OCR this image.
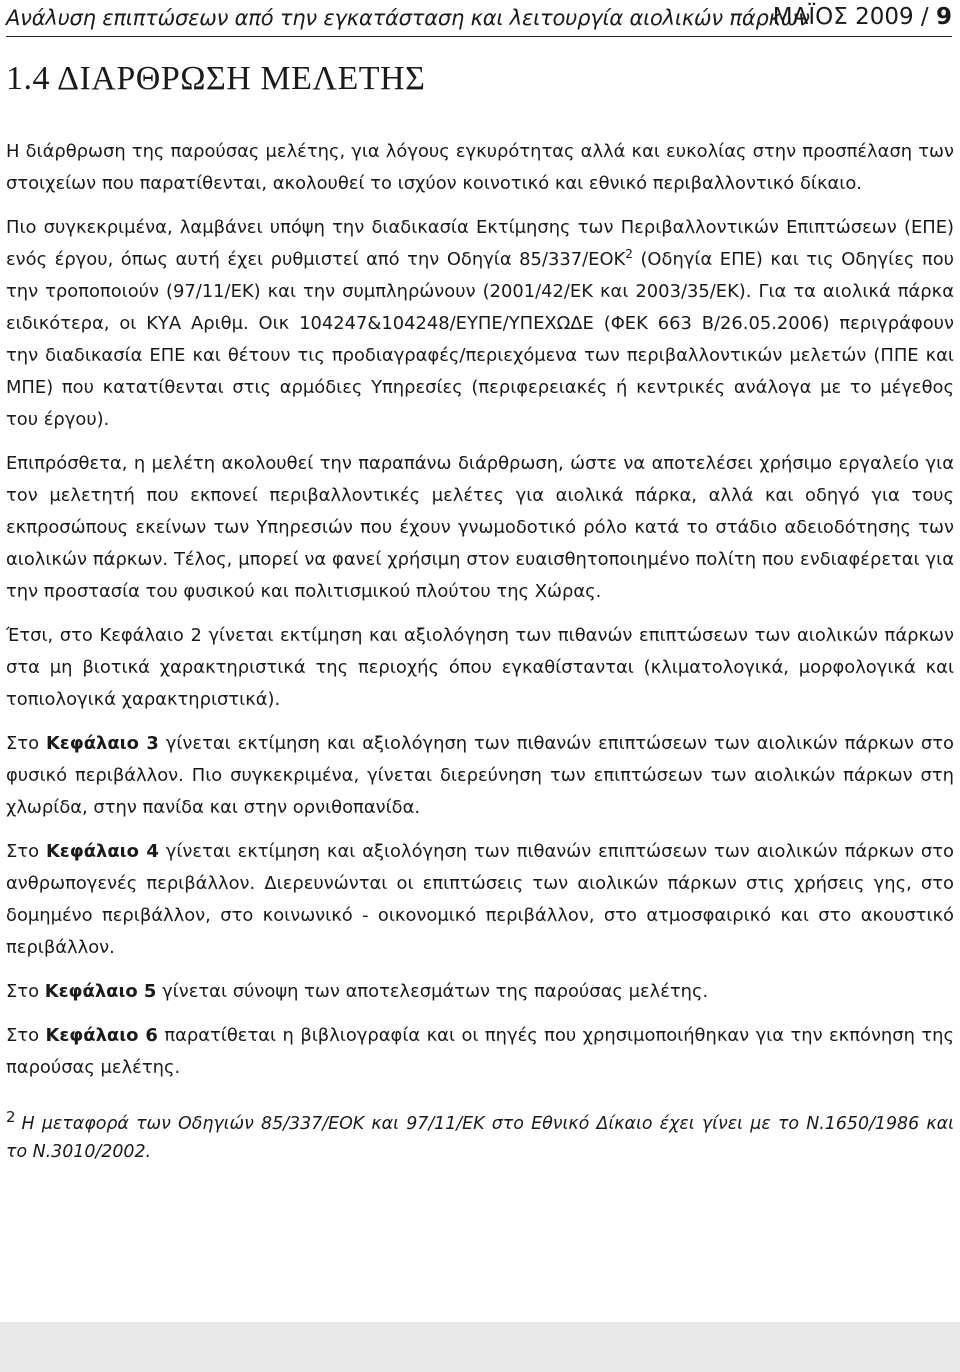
Ανάλυση επιπτώσεων από την εγκατάσταση και λειτουργία αιολικών πάρκων
ΜΑΪΟΣ 2009 / 9
1.4 ΔΙΑΡΘΡΩΣΗ ΜΕΛΕΤΗΣ

Η διάρθρωση της παρούσας μελέτης, για λόγους εγκυρότητας αλλά και ευκολίας στην προσπέλαση των στοιχείων που παρατίθενται, ακολουθεί το ισχύον κοινοτικό και εθνικό περιβαλλοντικό δίκαιο.

Πιο συγκεκριμένα, λαμβάνει υπόψη την διαδικασία Εκτίμησης των Περιβαλλοντικών Επιπτώσεων (ΕΠΕ) ενός έργου, όπως αυτή έχει ρυθμιστεί από την Οδηγία 85/337/ΕΟΚ$^2$ (Οδηγία ΕΠΕ) και τις Οδηγίες που την τροποποιούν (97/11/ΕΚ) και την συμπληρώνουν (2001/42/ΕΚ και 2003/35/ΕΚ). Για τα αιολικά πάρκα ειδικότερα, οι ΚΥΑ Αριθμ. Οικ 104247&104248/ΕΥΠΕ/ΥΠΕΧΩΔΕ (ΦΕΚ 663 Β/26.05.2006) περιγράφουν την διαδικασία ΕΠΕ και θέτουν τις προδιαγραφές/περιεχόμενα των περιβαλλοντικών μελετών (ΠΠΕ και ΜΠΕ) που κατατίθενται στις αρμόδιες Υπηρεσίες (περιφερειακές ή κεντρικές ανάλογα με το μέγεθος του έργου).

Επιπρόσθετα, η μελέτη ακολουθεί την παραπάνω διάρθρωση, ώστε να αποτελέσει χρήσιμο εργαλείο για τον μελετητή που εκπονεί περιβαλλοντικές μελέτες για αιολικά πάρκα, αλλά και οδηγό για τους εκπροσώπους εκείνων των Υπηρεσιών που έχουν γνωμοδοτικό ρόλο κατά το στάδιο αδειοδότησης των αιολικών πάρκων. Τέλος, μπορεί να φανεί χρήσιμη στον ευαισθητοποιημένο πολίτη που ενδιαφέρεται για την προστασία του φυσικού και πολιτισμικού πλούτου της Χώρας.

Έτσι, στο Κεφάλαιο 2 γίνεται εκτίμηση και αξιολόγηση των πιθανών επιπτώσεων των αιολικών πάρκων στα μη βιοτικά χαρακτηριστικά της περιοχής όπου εγκαθίστανται (κλιματολογικά, μορφολογικά και τοπιολογικά χαρακτηριστικά).

Στο Κεφάλαιο 3 γίνεται εκτίμηση και αξιολόγηση των πιθανών επιπτώσεων των αιολικών πάρκων στο φυσικό περιβάλλον. Πιο συγκεκριμένα, γίνεται διερεύνηση των επιπτώσεων των αιολικών πάρκων στη χλωρίδα, στην πανίδα και στην ορνιθοπανίδα.

Στο Κεφάλαιο 4 γίνεται εκτίμηση και αξιολόγηση των πιθανών επιπτώσεων των αιολικών πάρκων στο ανθρωπογενές περιβάλλον. Διερευνώνται οι επιπτώσεις των αιολικών πάρκων στις χρήσεις γης, στο δομημένο περιβάλλον, στο κοινωνικό - οικονομικό περιβάλλον, στο ατμοσφαιρικό και στο ακουστικό περιβάλλον.

Στο Κεφάλαιο 5 γίνεται σύνοψη των αποτελεσμάτων της παρούσας μελέτης.

Στο Κεφάλαιο 6 παρατίθεται η βιβλιογραφία και οι πηγές που χρησιμοποιήθηκαν για την εκπόνηση της παρούσας μελέτης.

2 Η μεταφορά των Οδηγιών 85/337/ΕΟΚ και 97/11/ΕΚ στο Εθνικό Δίκαιο έχει γίνει με το Ν.1650/1986 και το Ν.3010/2002.
